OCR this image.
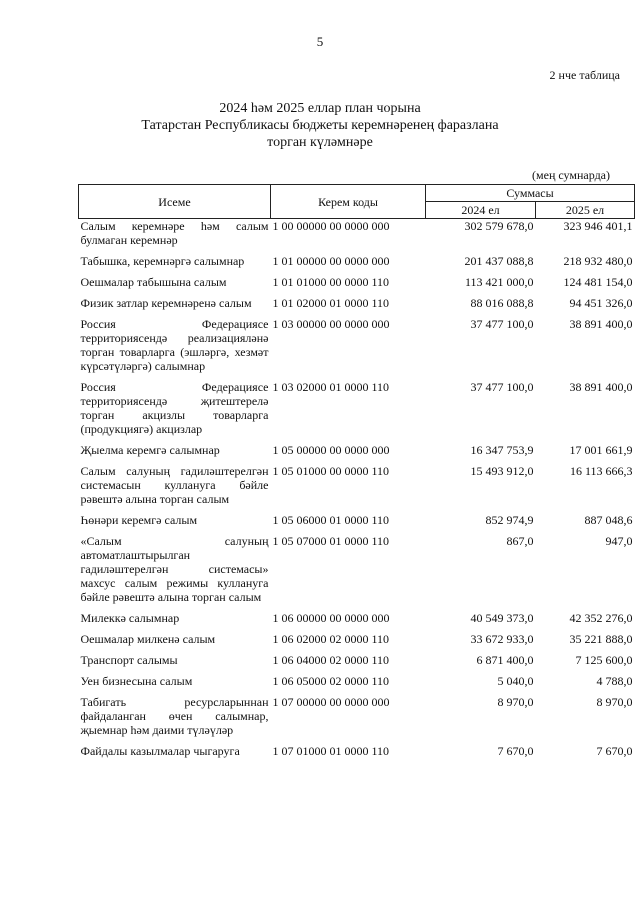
5
2 нче таблица
2024 һәм 2025 еллар план чорына
Татарстан Республикасы бюджеты керемнәренең фаразлана
торган күләмнәре
(мең сумнарда)
Исеме	Керем коды	Суммасы	
		2024 ел	2025 ел
Салым керемнәре һәм салым булмаган керемнәр	1 00 00000 00 0000 000	302 579 678,0	323 946 401,1
Табышка, керемнәргә салымнар	1 01 00000 00 0000 000	201 437 088,8	218 932 480,0
Оешмалар табышына салым	1 01 01000 00 0000 110	113 421 000,0	124 481 154,0
Физик затлар керемнәренә салым	1 01 02000 01 0000 110	88 016 088,8	94 451 326,0
Россия Федерациясе территориясендә реализацияләнә торган товарларга (эшләргә, хезмәт күрсәтүләргә) салымнар	1 03 00000 00 0000 000	37 477 100,0	38 891 400,0
Россия Федерациясе территориясендә җитештерелә торган акцизлы товарларга (продукциягә) акцизлар	1 03 02000 01 0000 110	37 477 100,0	38 891 400,0
Җыелма керемгә салымнар	1 05 00000 00 0000 000	16 347 753,9	17 001 661,9
Салым салуның гадиләштерелгән системасын куллануга бәйле рәвештә алына торган салым	1 05 01000 00 0000 110	15 493 912,0	16 113 666,3
Һөнәри керемгә салым	1 05 06000 01 0000 110	852 974,9	887 048,6
«Салым салуның автоматлаштырылган гадиләштерелгән системасы» махсус салым режимы куллануга бәйле рәвештә алына торган салым	1 05 07000 01 0000 110	867,0	947,0
Милеккә салымнар	1 06 00000 00 0000 000	40 549 373,0	42 352 276,0
Оешмалар милкенә салым	1 06 02000 02 0000 110	33 672 933,0	35 221 888,0
Транспорт салымы	1 06 04000 02 0000 110	6 871 400,0	7 125 600,0
Уен бизнесына салым	1 06 05000 02 0000 110	5 040,0	4 788,0
Табигать ресурсларыннан файдаланган өчен салымнар, җыемнар һәм даими түләүләр	1 07 00000 00 0000 000	8 970,0	8 970,0
Файдалы казылмалар чыгаруга	1 07 01000 01 0000 110	7 670,0	7 670,0
